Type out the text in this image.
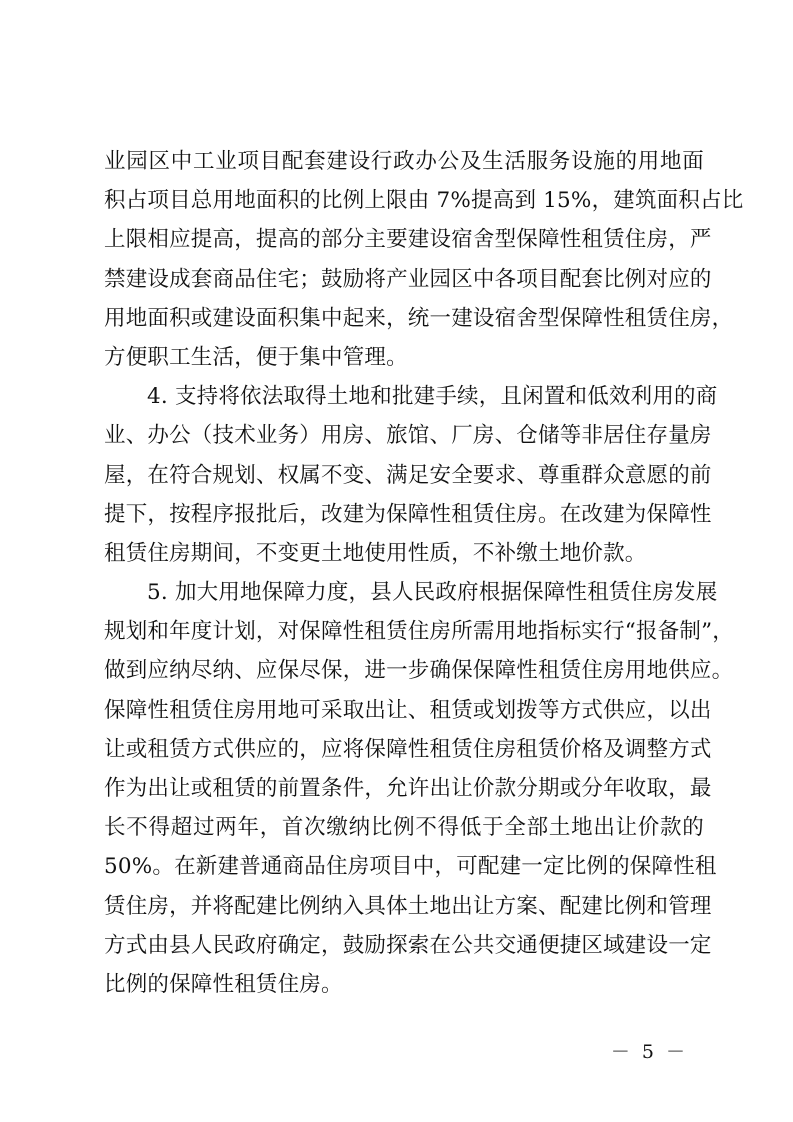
业园区中工业项目配套建设行政办公及生活服务设施的用地面
积占项目总用地面积的比例上限由 7%提高到 15%，建筑面积占比
上限相应提高，提高的部分主要建设宿舍型保障性租赁住房，严
禁建设成套商品住宅；鼓励将产业园区中各项目配套比例对应的
用地面积或建设面积集中起来，统一建设宿舍型保障性租赁住房，
方便职工生活，便于集中管理。
4. 支持将依法取得土地和批建手续，且闲置和低效利用的商
业、办公（技术业务）用房、旅馆、厂房、仓储等非居住存量房
屋，在符合规划、权属不变、满足安全要求、尊重群众意愿的前
提下，按程序报批后，改建为保障性租赁住房。在改建为保障性
租赁住房期间，不变更土地使用性质，不补缴土地价款。
5. 加大用地保障力度，县人民政府根据保障性租赁住房发展
规划和年度计划，对保障性租赁住房所需用地指标实行“报备制”，
做到应纳尽纳、应保尽保，进一步确保保障性租赁住房用地供应。
保障性租赁住房用地可采取出让、租赁或划拨等方式供应，以出
让或租赁方式供应的，应将保障性租赁住房租赁价格及调整方式
作为出让或租赁的前置条件，允许出让价款分期或分年收取，最
长不得超过两年，首次缴纳比例不得低于全部土地出让价款的
50%。在新建普通商品住房项目中，可配建一定比例的保障性租
赁住房，并将配建比例纳入具体土地出让方案、配建比例和管理
方式由县人民政府确定，鼓励探索在公共交通便捷区域建设一定
比例的保障性租赁住房。
－ 5 －
